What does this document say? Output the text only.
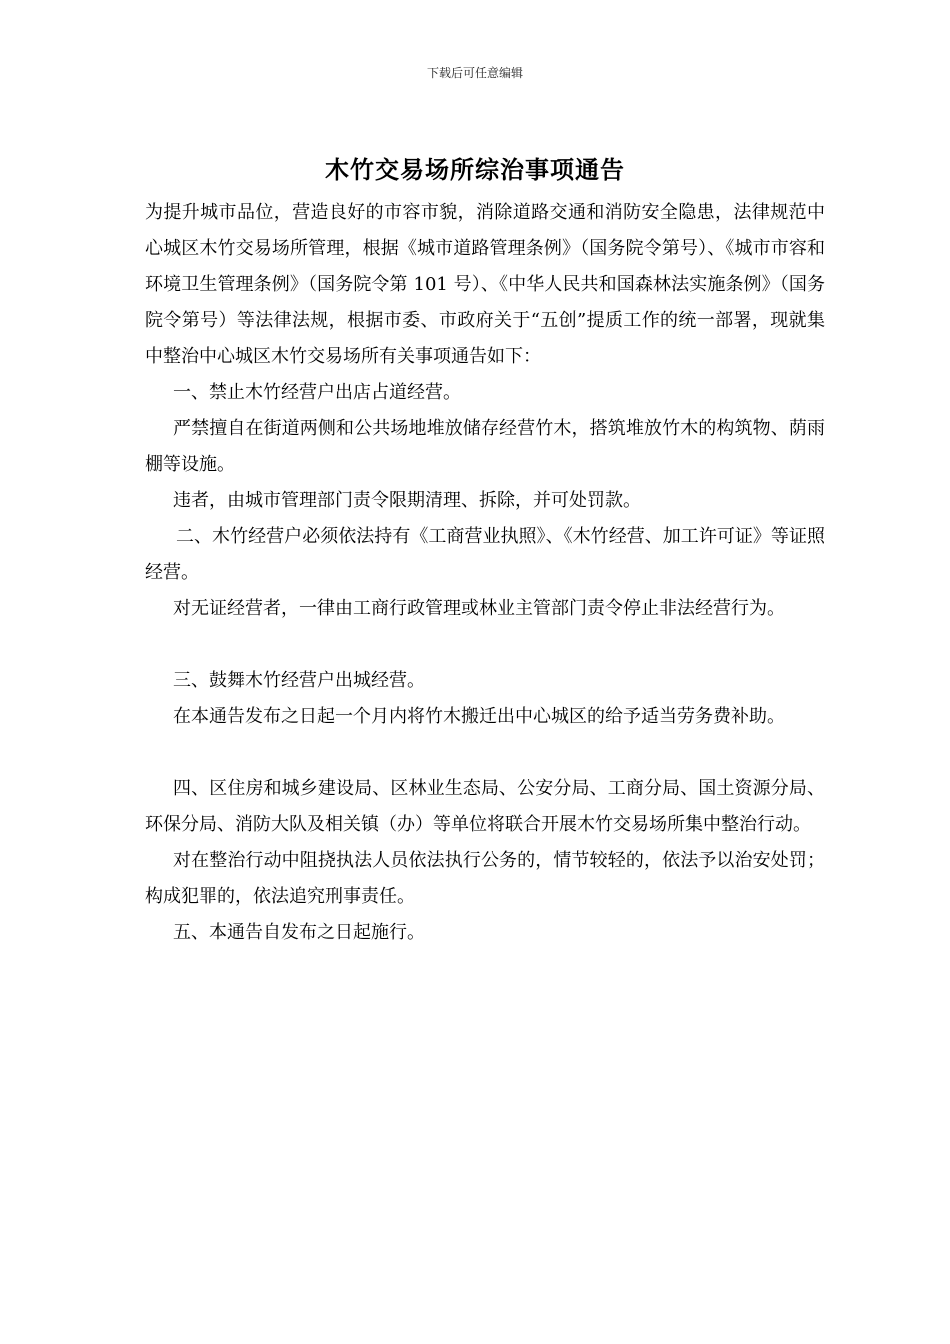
下载后可任意编辑
木竹交易场所综治事项通告

为提升城市品位，营造良好的市容市貌，消除道路交通和消防安全隐患，法律规范中心城区木竹交易场所管理，根据《城市道路管理条例》（国务院令第号）、《城市市容和环境卫生管理条例》（国务院令第 101 号）、《中华人民共和国森林法实施条例》（国务院令第号）等法律法规，根据市委、市政府关于“五创”提质工作的统一部署，现就集中整治中心城区木竹交易场所有关事项通告如下：

一、禁止木竹经营户出店占道经营。

严禁擅自在街道两侧和公共场地堆放储存经营竹木，搭筑堆放竹木的构筑物、荫雨棚等设施。

违者，由城市管理部门责令限期清理、拆除，并可处罚款。

二、木竹经营户必须依法持有《工商营业执照》、《木竹经营、加工许可证》等证照经营。

对无证经营者，一律由工商行政管理或林业主管部门责令停止非法经营行为。

三、鼓舞木竹经营户出城经营。

在本通告发布之日起一个月内将竹木搬迁出中心城区的给予适当劳务费补助。

四、区住房和城乡建设局、区林业生态局、公安分局、工商分局、国土资源分局、环保分局、消防大队及相关镇（办）等单位将联合开展木竹交易场所集中整治行动。

对在整治行动中阻挠执法人员依法执行公务的，情节较轻的，依法予以治安处罚；构成犯罪的，依法追究刑事责任。

五、本通告自发布之日起施行。
